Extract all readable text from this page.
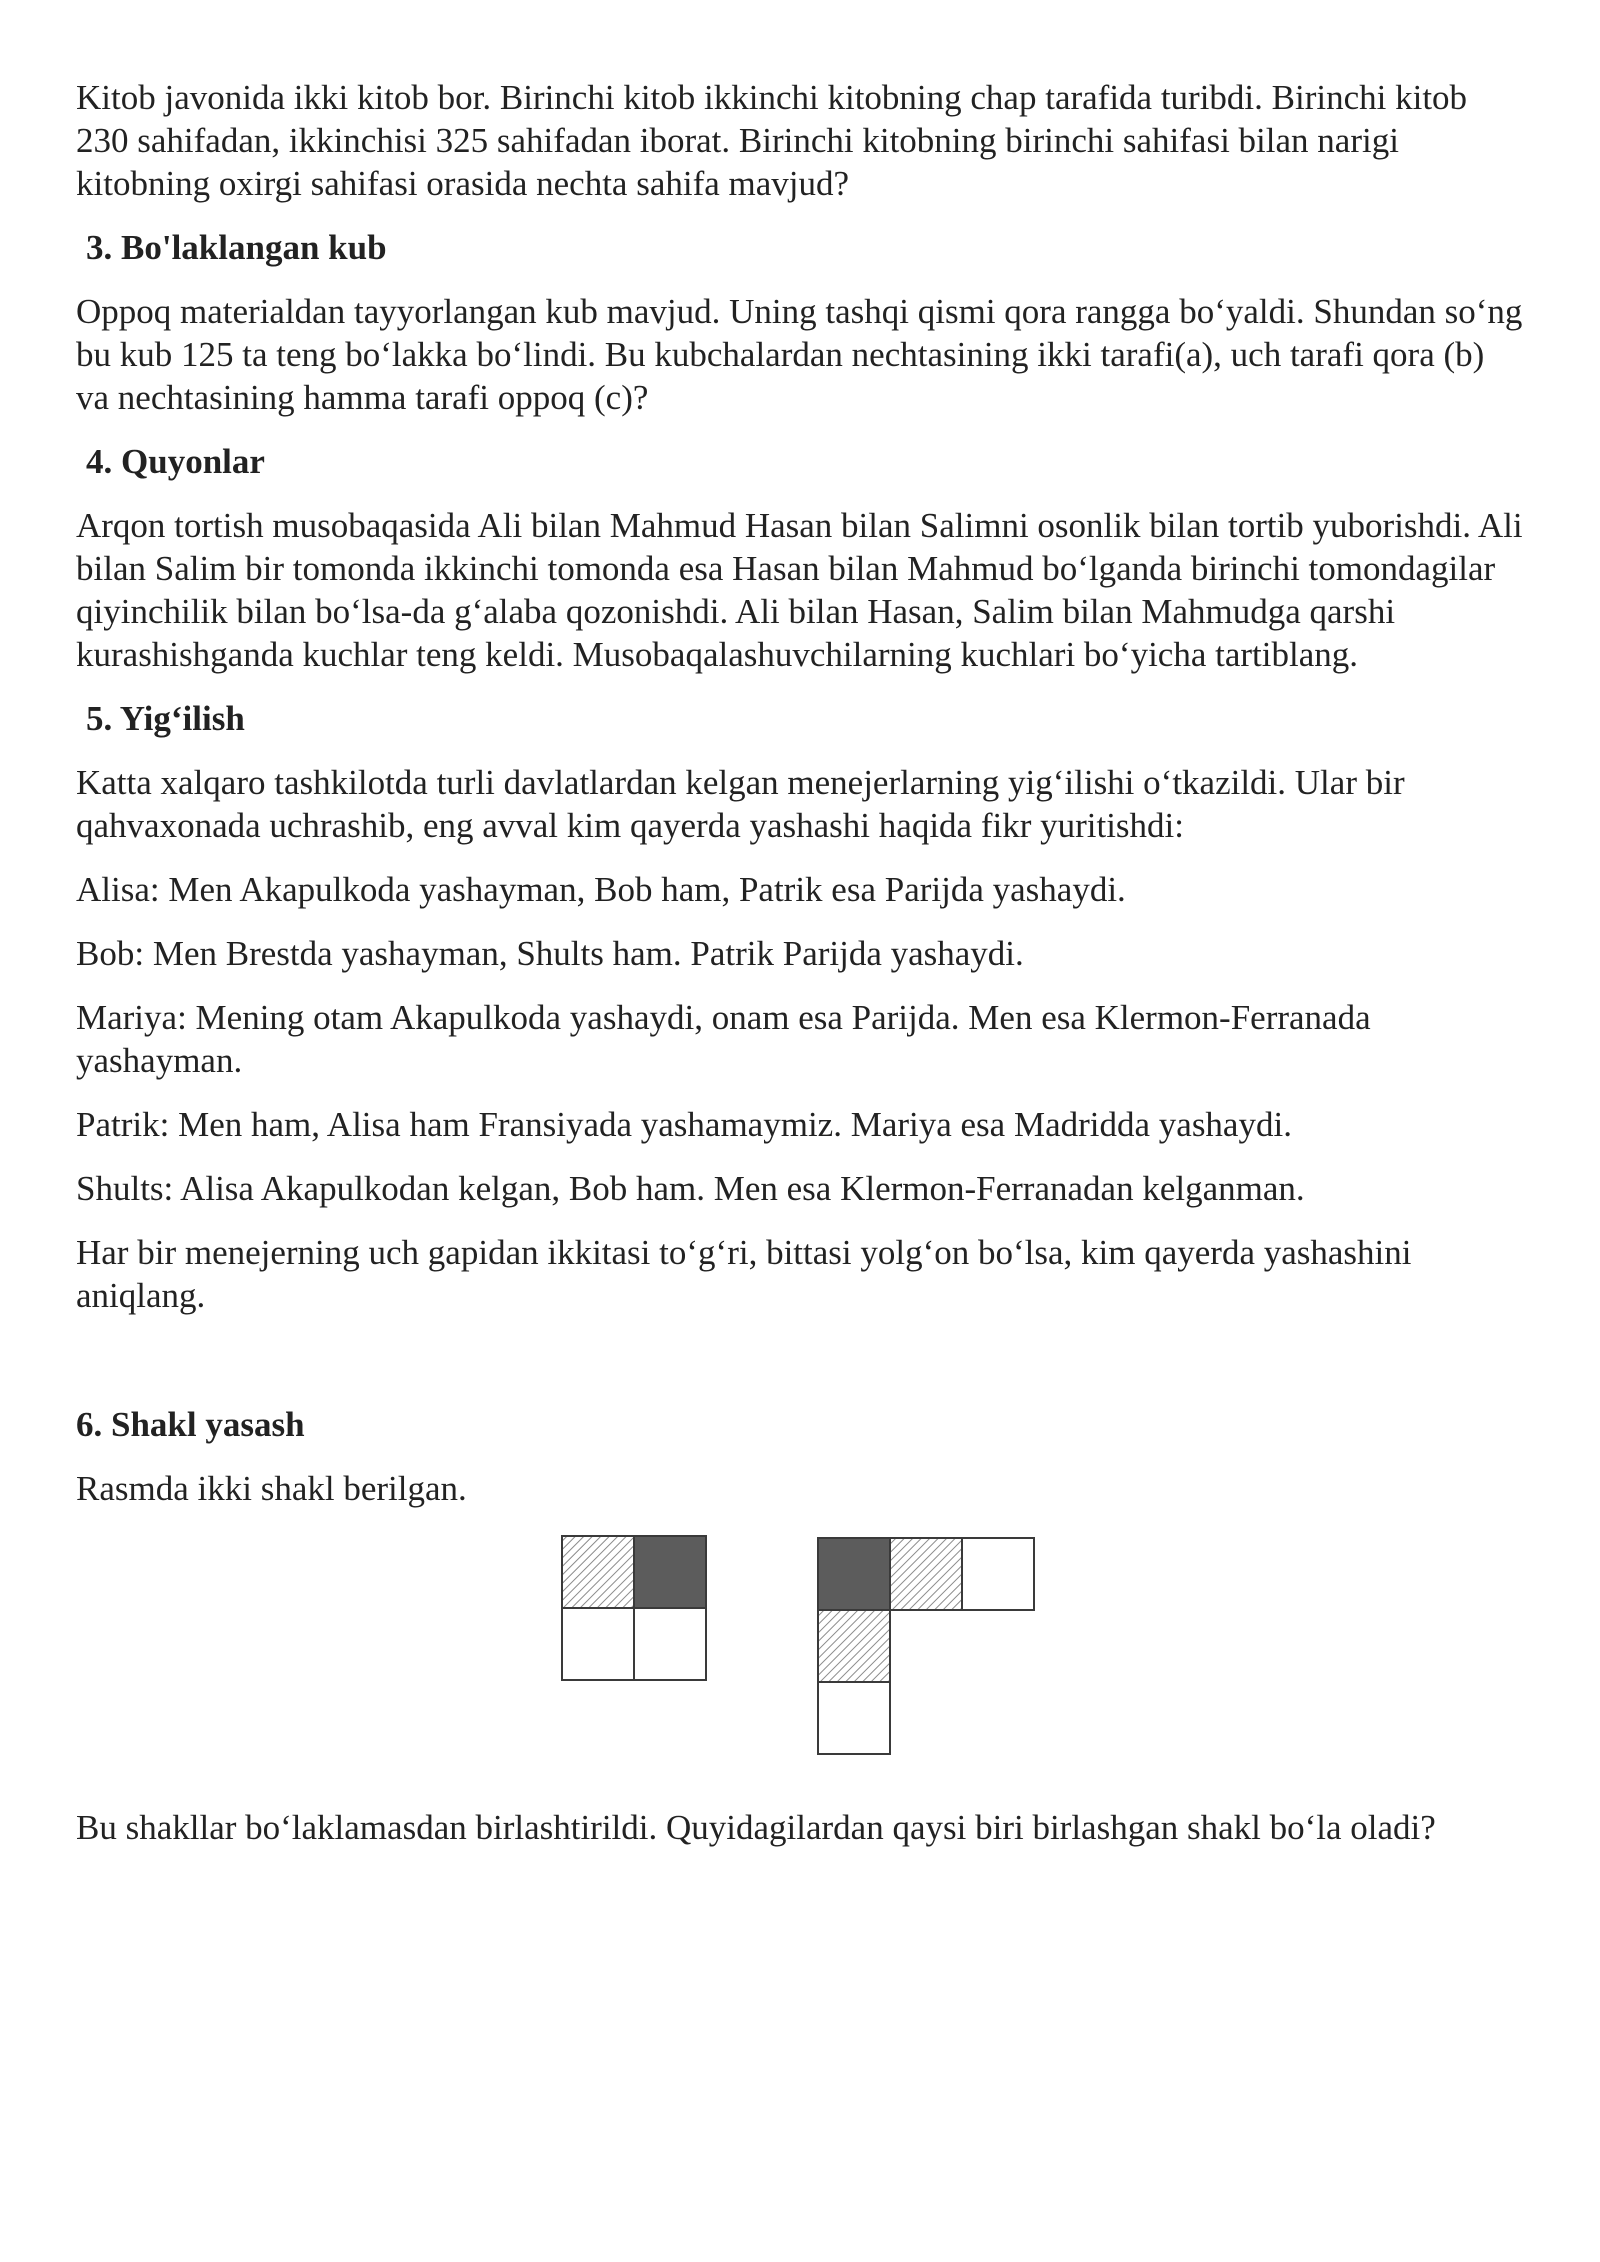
Kitob javonida ikki kitob bor. Birinchi kitob ikkinchi kitobning chap tarafida turibdi. Birinchi kitob 230 sahifadan, ikkinchisi 325 sahifadan iborat. Birinchi kitobning birinchi sahifasi bilan narigi kitobning oxirgi sahifasi orasida nechta sahifa mavjud?

3. Bo'laklangan kub

Oppoq materialdan tayyorlangan kub mavjud. Uning tashqi qismi qora rangga bo‘yaldi. Shundan so‘ng bu kub 125 ta teng bo‘lakka bo‘lindi. Bu kubchalardan nechtasining ikki tarafi(a), uch tarafi qora (b) va nechtasining hamma tarafi oppoq (c)?

4. Quyonlar

Arqon tortish musobaqasida Ali bilan Mahmud Hasan bilan Salimni osonlik bilan tortib yuborishdi. Ali bilan Salim bir tomonda ikkinchi tomonda esa Hasan bilan Mahmud bo‘lganda birinchi tomondagilar qiyinchilik bilan bo‘lsa-da g‘alaba qozonishdi. Ali bilan Hasan, Salim bilan Mahmudga qarshi kurashishganda kuchlar teng keldi. Musobaqalashuvchilarning kuchlari bo‘yicha tartiblang.

5. Yig‘ilish

Katta xalqaro tashkilotda turli davlatlardan kelgan menejerlarning yig‘ilishi o‘tkazildi. Ular bir qahvaxonada uchrashib, eng avval kim qayerda yashashi haqida fikr yuritishdi:

Alisa: Men Akapulkoda yashayman, Bob ham, Patrik esa Parijda yashaydi.

Bob: Men Brestda yashayman, Shults ham. Patrik Parijda yashaydi.

Mariya: Mening otam Akapulkoda yashaydi, onam esa Parijda. Men esa Klermon-Ferranada yashayman.

Patrik: Men ham, Alisa ham Fransiyada yashamaymiz. Mariya esa Madridda yashaydi.

Shults: Alisa Akapulkodan kelgan, Bob ham. Men esa Klermon-Ferranadan kelganman.

Har bir menejerning uch gapidan ikkitasi to‘g‘ri, bittasi yolg‘on bo‘lsa, kim qayerda yashashini aniqlang.

6. Shakl yasash

Rasmda ikki shakl berilgan.

Bu shakllar bo‘laklamasdan birlashtirildi. Quyidagilardan qaysi biri birlashgan shakl bo‘la oladi?
